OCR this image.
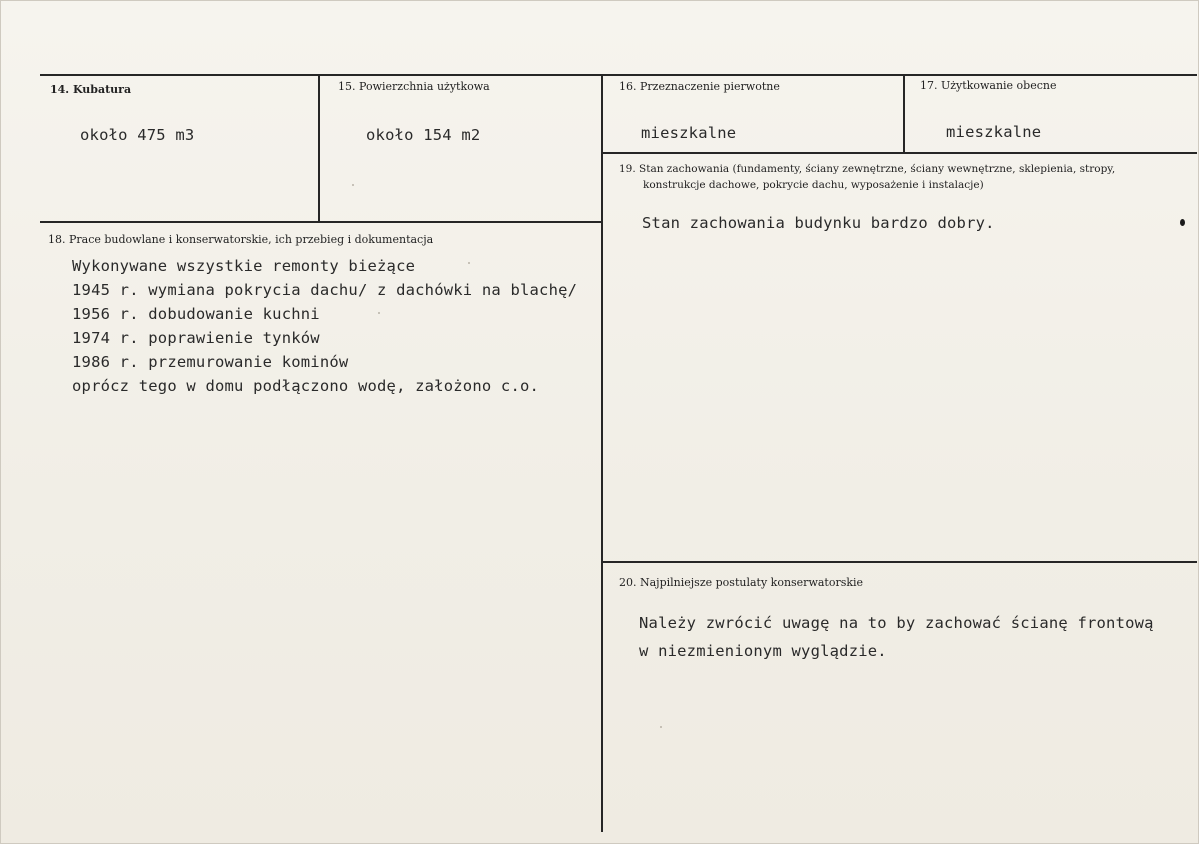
14. Kubatura
około 475 m3
15. Powierzchnia użytkowa
około 154 m2
16. Przeznaczenie pierwotne
mieszkalne
17. Użytkowanie obecne
mieszkalne
18. Prace budowlane i konserwatorskie, ich przebieg i dokumentacja
Wykonywane wszystkie remonty bieżące
1945 r. wymiana pokrycia dachu/ z dachówki na blachę/
1956 r. dobudowanie kuchni
1974 r. poprawienie tynków
1986 r. przemurowanie kominów
oprócz tego w domu podłączono wodę, założono c.o.
19. Stan zachowania (fundamenty, ściany zewnętrzne, ściany wewnętrzne, sklepienia, stropy,
konstrukcje dachowe, pokrycie dachu, wyposażenie i instalacje)
Stan zachowania budynku bardzo dobry.
20. Najpilniejsze postulaty konserwatorskie
Należy zwrócić uwagę na to by zachować ścianę frontową
w niezmienionym wyglądzie.
